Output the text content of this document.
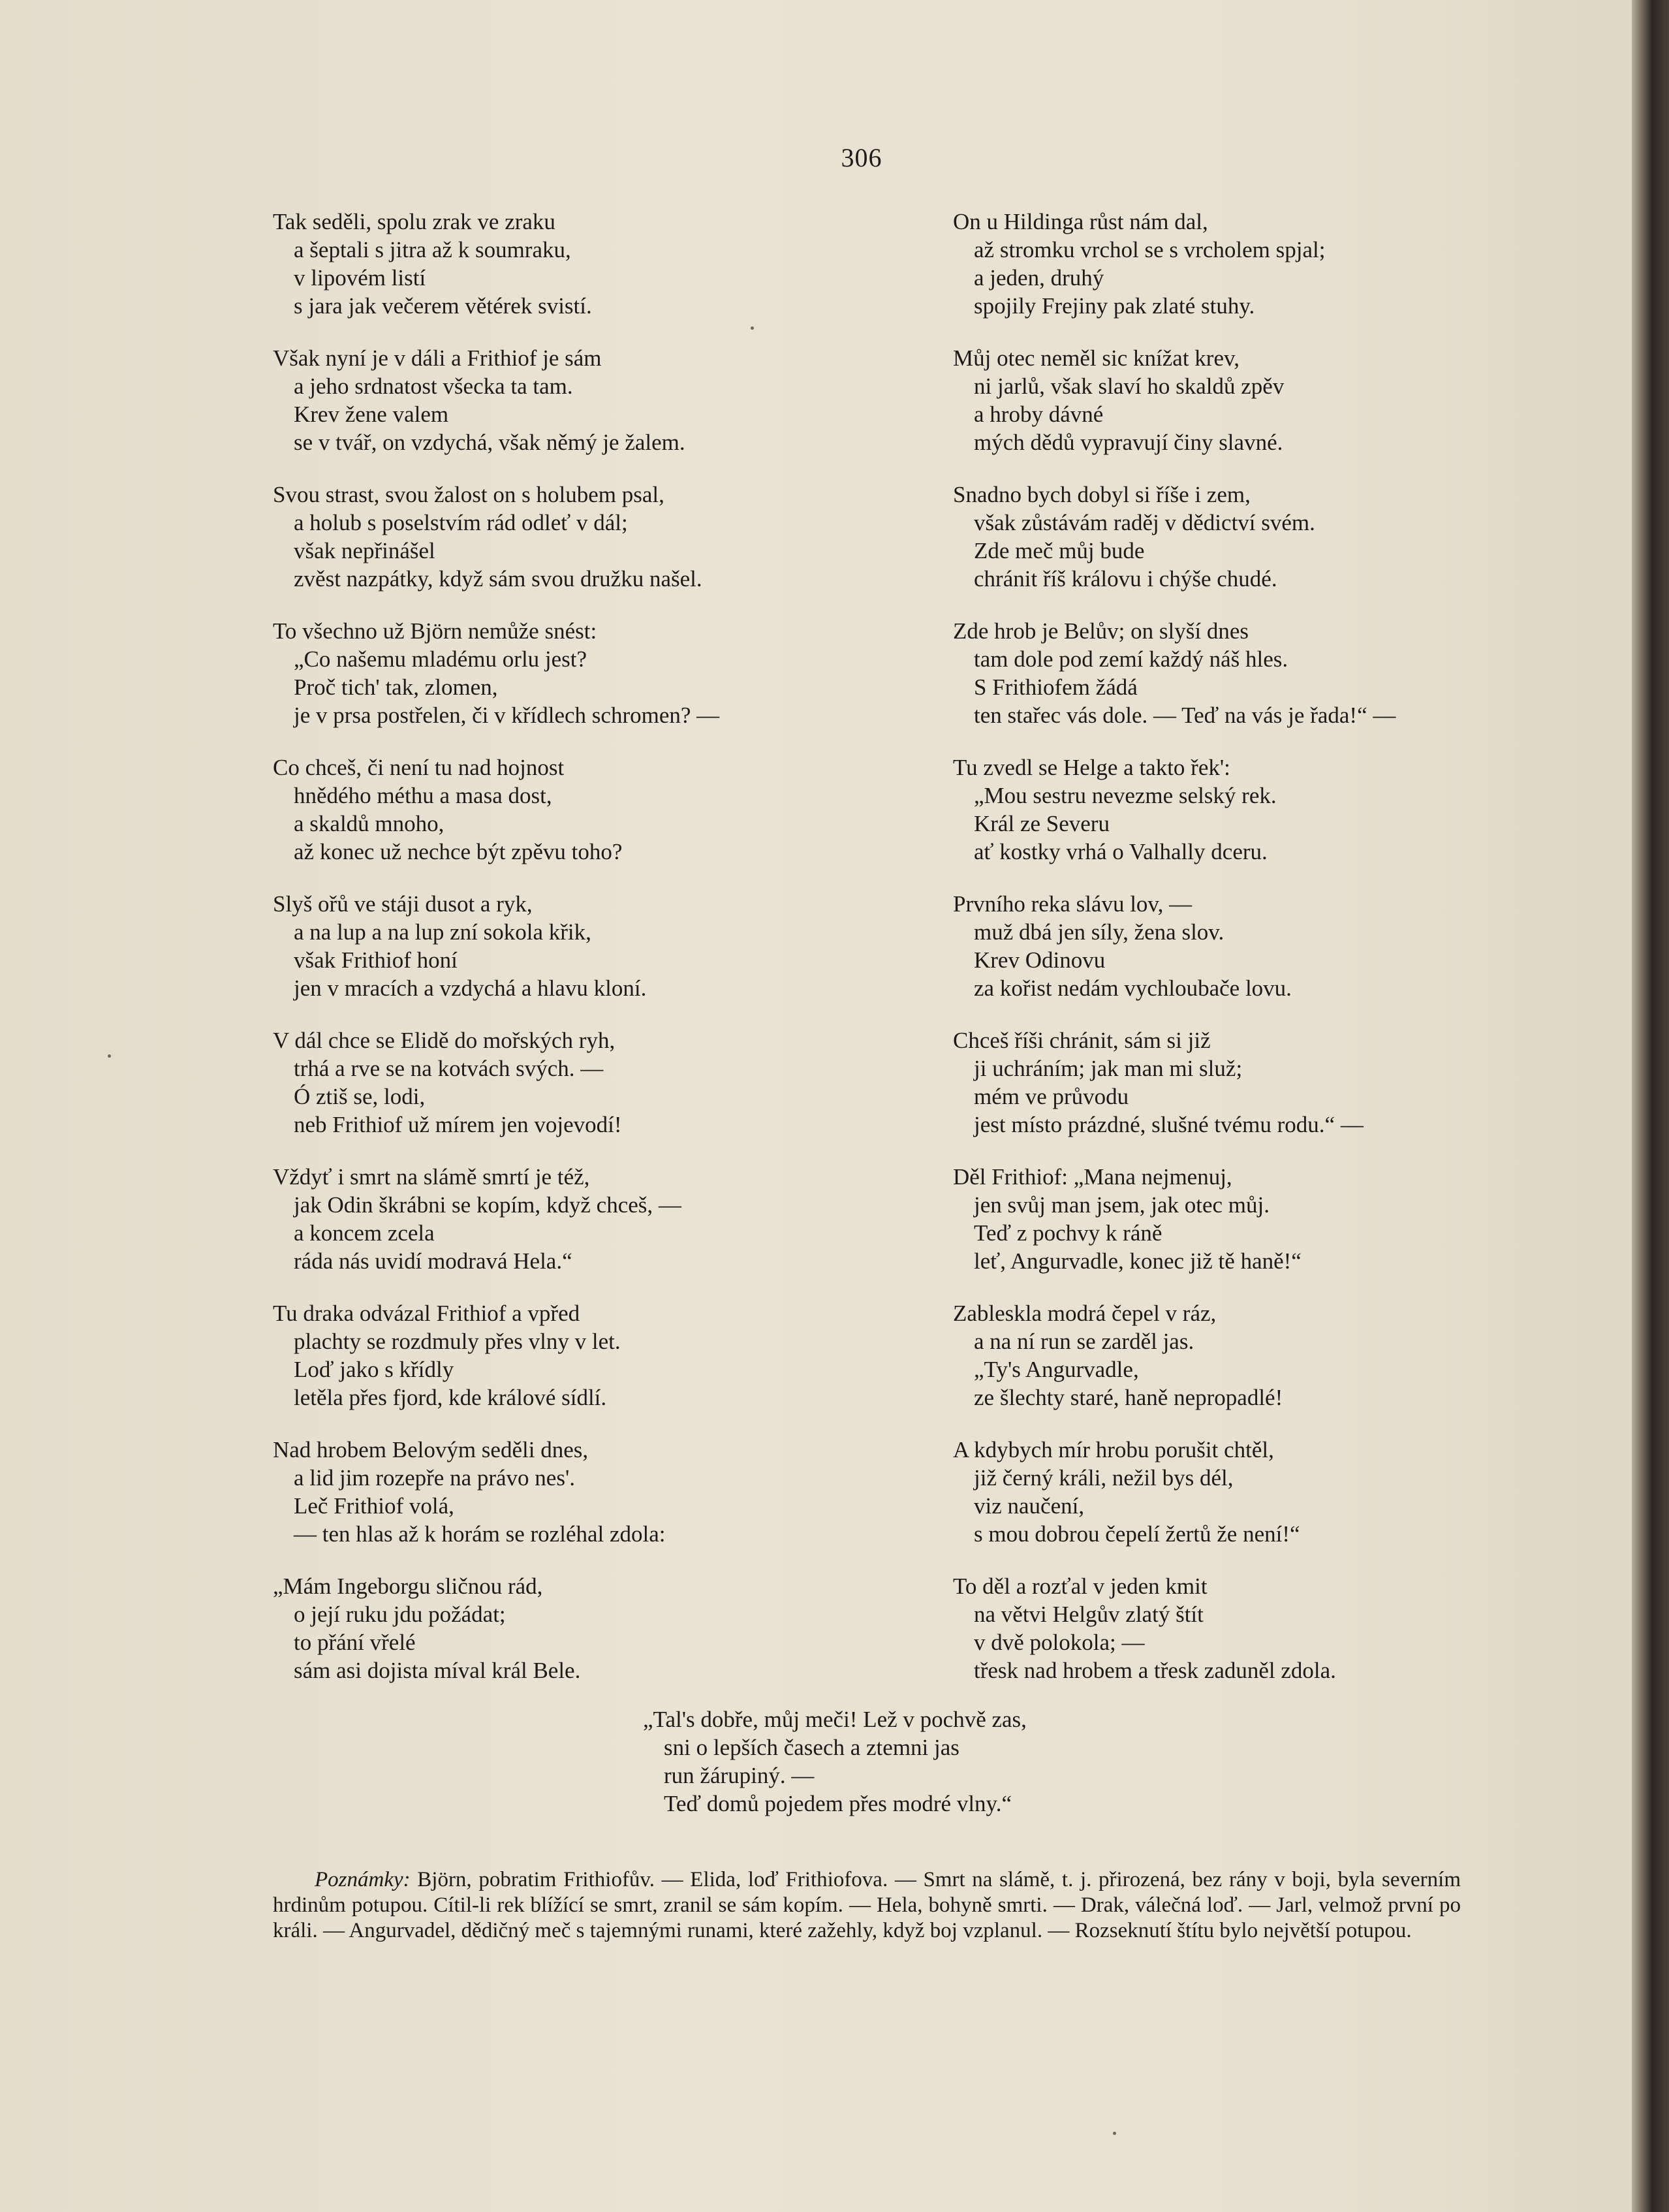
306
Tak seděli, spolu zrak ve zraku
a šeptali s jitra až k soumraku,
v lipovém listí
s jara jak večerem větérek svistí.
Však nyní je v dáli a Frithiof je sám
a jeho srdnatost všecka ta tam.
Krev žene valem
se v tvář, on vzdychá, však němý je žalem.
Svou strast, svou žalost on s holubem psal,
a holub s poselstvím rád odleť v dál;
však nepřinášel
zvěst nazpátky, když sám svou družku našel.
To všechno už Björn nemůže snést:
„Co našemu mladému orlu jest?
Proč tich' tak, zlomen,
je v prsa postřelen, či v křídlech schromen? —
Co chceš, či není tu nad hojnost
hnědého méthu a masa dost,
a skaldů mnoho,
až konec už nechce být zpěvu toho?
Slyš ořů ve stáji dusot a ryk,
a na lup a na lup zní sokola křik,
však Frithiof honí
jen v mracích a vzdychá a hlavu kloní.
V dál chce se Elidě do mořských ryh,
trhá a rve se na kotvách svých. —
Ó ztiš se, lodi,
neb Frithiof už mírem jen vojevodí!
Vždyť i smrt na slámě smrtí je též,
jak Odin škrábni se kopím, když chceš, —
a koncem zcela
ráda nás uvidí modravá Hela.“
Tu draka odvázal Frithiof a vpřed
plachty se rozdmuly přes vlny v let.
Loď jako s křídly
letěla přes fjord, kde králové sídlí.
Nad hrobem Belovým seděli dnes,
a lid jim rozepře na právo nes'.
Leč Frithiof volá,
— ten hlas až k horám se rozléhal zdola:
„Mám Ingeborgu sličnou rád,
o její ruku jdu požádat;
to přání vřelé
sám asi dojista míval král Bele.
On u Hildinga růst nám dal,
až stromku vrchol se s vrcholem spjal;
a jeden, druhý
spojily Frejiny pak zlaté stuhy.
Můj otec neměl sic knížat krev,
ni jarlů, však slaví ho skaldů zpěv
a hroby dávné
mých dědů vypravují činy slavné.
Snadno bych dobyl si říše i zem,
však zůstávám raděj v dědictví svém.
Zde meč můj bude
chránit říš královu i chýše chudé.
Zde hrob je Belův; on slyší dnes
tam dole pod zemí každý náš hles.
S Frithiofem žádá
ten stařec vás dole. — Teď na vás je řada!“ —
Tu zvedl se Helge a takto řek':
„Mou sestru nevezme selský rek.
Král ze Severu
ať kostky vrhá o Valhally dceru.
Prvního reka slávu lov, —
muž dbá jen síly, žena slov.
Krev Odinovu
za kořist nedám vychloubače lovu.
Chceš říši chránit, sám si již
ji uchráním; jak man mi služ;
mém ve průvodu
jest místo prázdné, slušné tvému rodu.“ —
Děl Frithiof: „Mana nejmenuj,
jen svůj man jsem, jak otec můj.
Teď z pochvy k ráně
leť, Angurvadle, konec již tě haně!“
Zableskla modrá čepel v ráz,
a na ní run se zarděl jas.
„Ty's Angurvadle,
ze šlechty staré, haně nepropadlé!
A kdybych mír hrobu porušit chtěl,
již černý králi, nežil bys dél,
viz naučení,
s mou dobrou čepelí žertů že není!“
To děl a rozťal v jeden kmit
na větvi Helgův zlatý štít
v dvě polokola; —
třesk nad hrobem a třesk zaduněl zdola.
„Tal's dobře, můj meči! Lež v pochvě zas,
sni o lepších časech a ztemni jas
run žárupiný. —
Teď domů pojedem přes modré vlny.“
Poznámky: Björn, pobratim Frithiofův. — Elida, loď Frithiofova. — Smrt na slámě, t. j. přirozená, bez rány v boji, byla severním hrdinům potupou. Cítil-li rek blížící se smrt, zranil se sám kopím. — Hela, bohyně smrti. — Drak, válečná loď. — Jarl, velmož první po králi. — Angurvadel, dědičný meč s tajemnými runami, které zažehly, když boj vzplanul. — Rozseknutí štítu bylo největší potupou.
